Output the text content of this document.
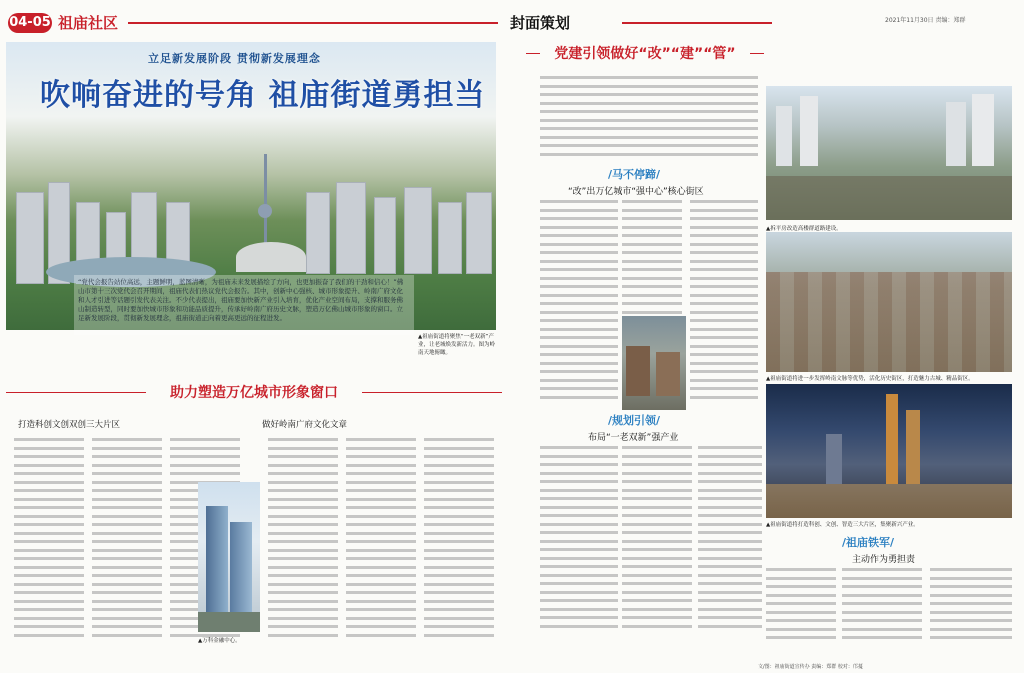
04-05 祖庙社区	封面策划	2021年11月30日 责编：郑群
立足新发展阶段 贯彻新发展理念
吹响奋进的号角 祖庙街道勇担当
“党代会报告站位高远，主题鲜明，蓝图清晰，为祖庙未来发展描绘了方向，也更加振奋了我们的干劲和信心！”佛山市第十三次党代会召开期间，祖庙代表们热议党代会报告。其中，创新中心强核、城市形象提升、岭南广府文化和人才引进等话题引发代表关注。不少代表提出，祖庙要加快新产业引入培育，优化产业空间布局，支撑和服务佛山制造转型，同时要加快城市形象和功能品质提升，传承好岭南广府历史文脉，塑造万亿佛山城市形象的窗口。立足新发展阶段，贯彻新发展理念，祖庙街道正向着更高更远的征程进发。
▲祖庙街道将聚焦“一老双新”产业，让老城焕发新活力。图为岭南天地俯瞰。
助力塑造万亿城市形象窗口
打造科创文创双创三大片区	做好岭南广府文化文章
▲万科金融中心。
党建引领做好“改”“建”“管”
/马不停蹄/
“改”出万亿城市“强中心”核心街区
/规划引领/
布局“一老双新”强产业
▲拆平房改造高楼群道路建设。
▲祖庙街道将进一步发挥岭南文脉等优势，活化历史街区，打造魅力古城、精品街区。
▲祖庙街道将打造科创、文创、智造三大片区，集聚新兴产业。
/祖庙铁军/
主动作为勇担责
文/图：祖庙街道宣传办 责编：郑群 校对：邝蔓
